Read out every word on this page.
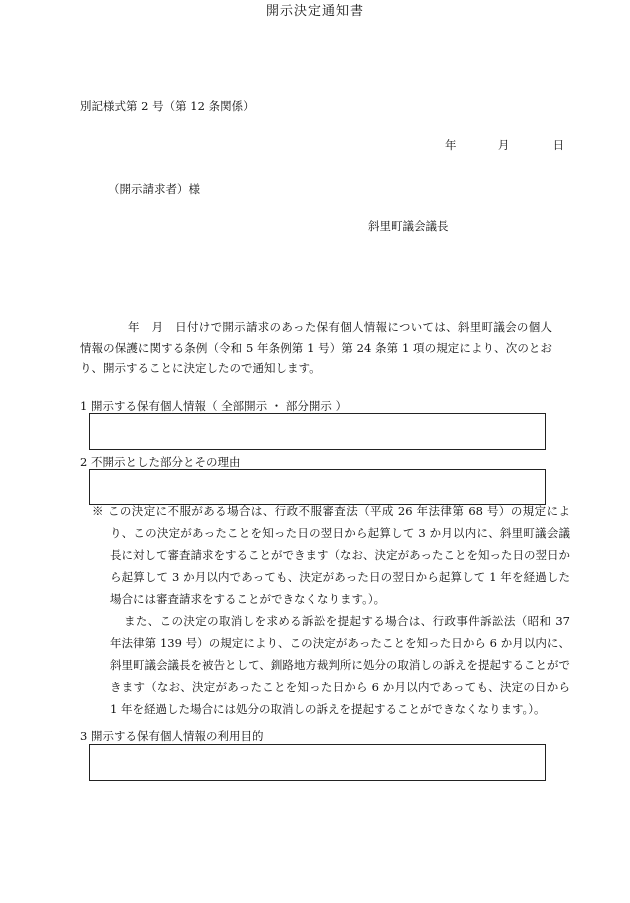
別記様式第 2 号（第 12 条関係）
年	月	日
（開示請求者）様
斜里町議会議長
開示決定通知書
年　月　日付けで開示請求のあった保有個人情報については、斜里町議会の個人情報の保護に関する条例（令和 5 年条例第 1 号）第 24 条第 1 項の規定により、次のとおり、開示することに決定したので通知します。
1 開示する保有個人情報（ 全部開示 ・ 部分開示 ）
2 不開示とした部分とその理由
※ この決定に不服がある場合は、行政不服審査法（平成 26 年法律第 68 号）の規定により、この決定があったことを知った日の翌日から起算して 3 か月以内に、斜里町議会議長に対して審査請求をすることができます（なお、決定があったことを知った日の翌日から起算して 3 か月以内であっても、決定があった日の翌日から起算して 1 年を経過した場合には審査請求をすることができなくなります。）。
また、この決定の取消しを求める訴訟を提起する場合は、行政事件訴訟法（昭和 37 年法律第 139 号）の規定により、この決定があったことを知った日から 6 か月以内に、斜里町議会議長を被告として、釧路地方裁判所に処分の取消しの訴えを提起することができます（なお、決定があったことを知った日から 6 か月以内であっても、決定の日から 1 年を経過した場合には処分の取消しの訴えを提起することができなくなります。）。
3 開示する保有個人情報の利用目的
